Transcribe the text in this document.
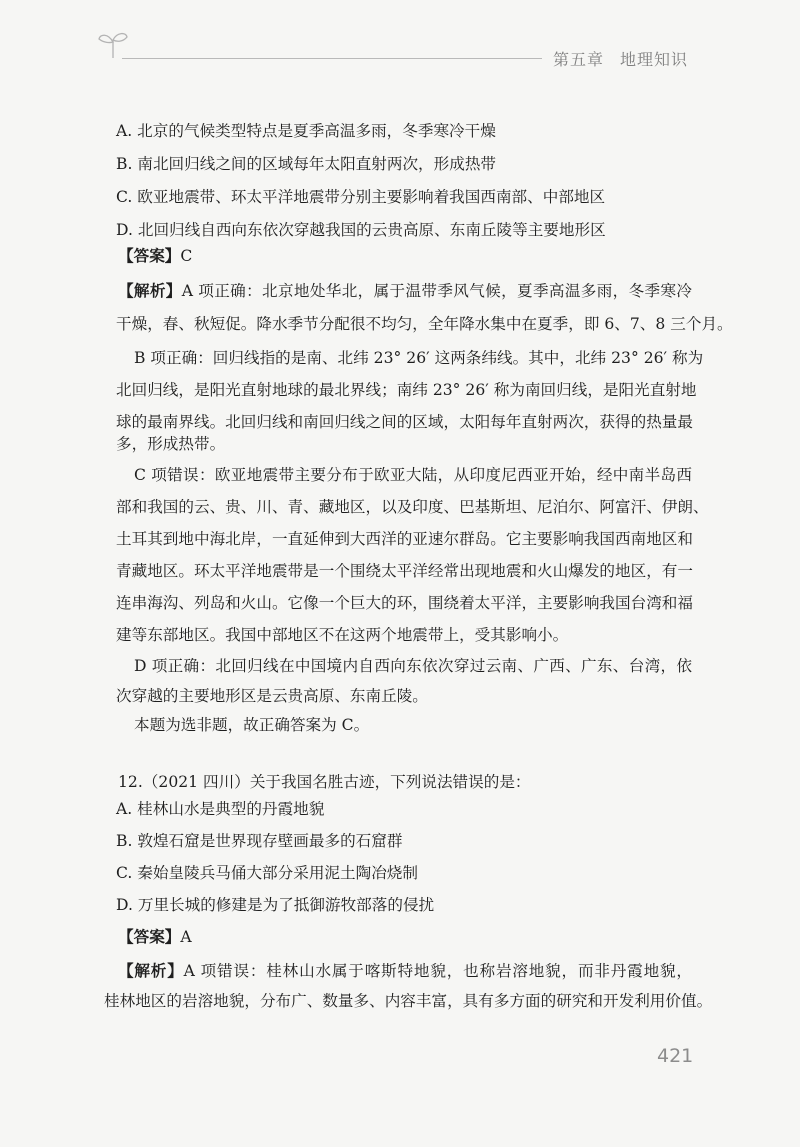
第五章 地理知识
A. 北京的气候类型特点是夏季高温多雨，冬季寒冷干燥
B. 南北回归线之间的区域每年太阳直射两次，形成热带
C. 欧亚地震带、环太平洋地震带分别主要影响着我国西南部、中部地区
D. 北回归线自西向东依次穿越我国的云贵高原、东南丘陵等主要地形区
【答案】C
【解析】A 项正确：北京地处华北，属于温带季风气候，夏季高温多雨，冬季寒冷
干燥，春、秋短促。降水季节分配很不均匀，全年降水集中在夏季，即 6、7、8 三个月。
B 项正确：回归线指的是南、北纬 23° 26′ 这两条纬线。其中，北纬 23° 26′ 称为
北回归线，是阳光直射地球的最北界线；南纬 23° 26′ 称为南回归线，是阳光直射地
球的最南界线。北回归线和南回归线之间的区域，太阳每年直射两次，获得的热量最
多，形成热带。
C 项错误：欧亚地震带主要分布于欧亚大陆，从印度尼西亚开始，经中南半岛西
部和我国的云、贵、川、青、藏地区，以及印度、巴基斯坦、尼泊尔、阿富汗、伊朗、
土耳其到地中海北岸，一直延伸到大西洋的亚速尔群岛。它主要影响我国西南地区和
青藏地区。环太平洋地震带是一个围绕太平洋经常出现地震和火山爆发的地区，有一
连串海沟、列岛和火山。它像一个巨大的环，围绕着太平洋，主要影响我国台湾和福
建等东部地区。我国中部地区不在这两个地震带上，受其影响小。
D 项正确：北回归线在中国境内自西向东依次穿过云南、广西、广东、台湾，依
次穿越的主要地形区是云贵高原、东南丘陵。
本题为选非题，故正确答案为 C。
12.（2021 四川）关于我国名胜古迹，下列说法错误的是：
A. 桂林山水是典型的丹霞地貌
B. 敦煌石窟是世界现存壁画最多的石窟群
C. 秦始皇陵兵马俑大部分采用泥土陶冶烧制
D. 万里长城的修建是为了抵御游牧部落的侵扰
【答案】A
【解析】A 项错误：桂林山水属于喀斯特地貌，也称岩溶地貌，而非丹霞地貌，
桂林地区的岩溶地貌，分布广、数量多、内容丰富，具有多方面的研究和开发利用价值。
421
